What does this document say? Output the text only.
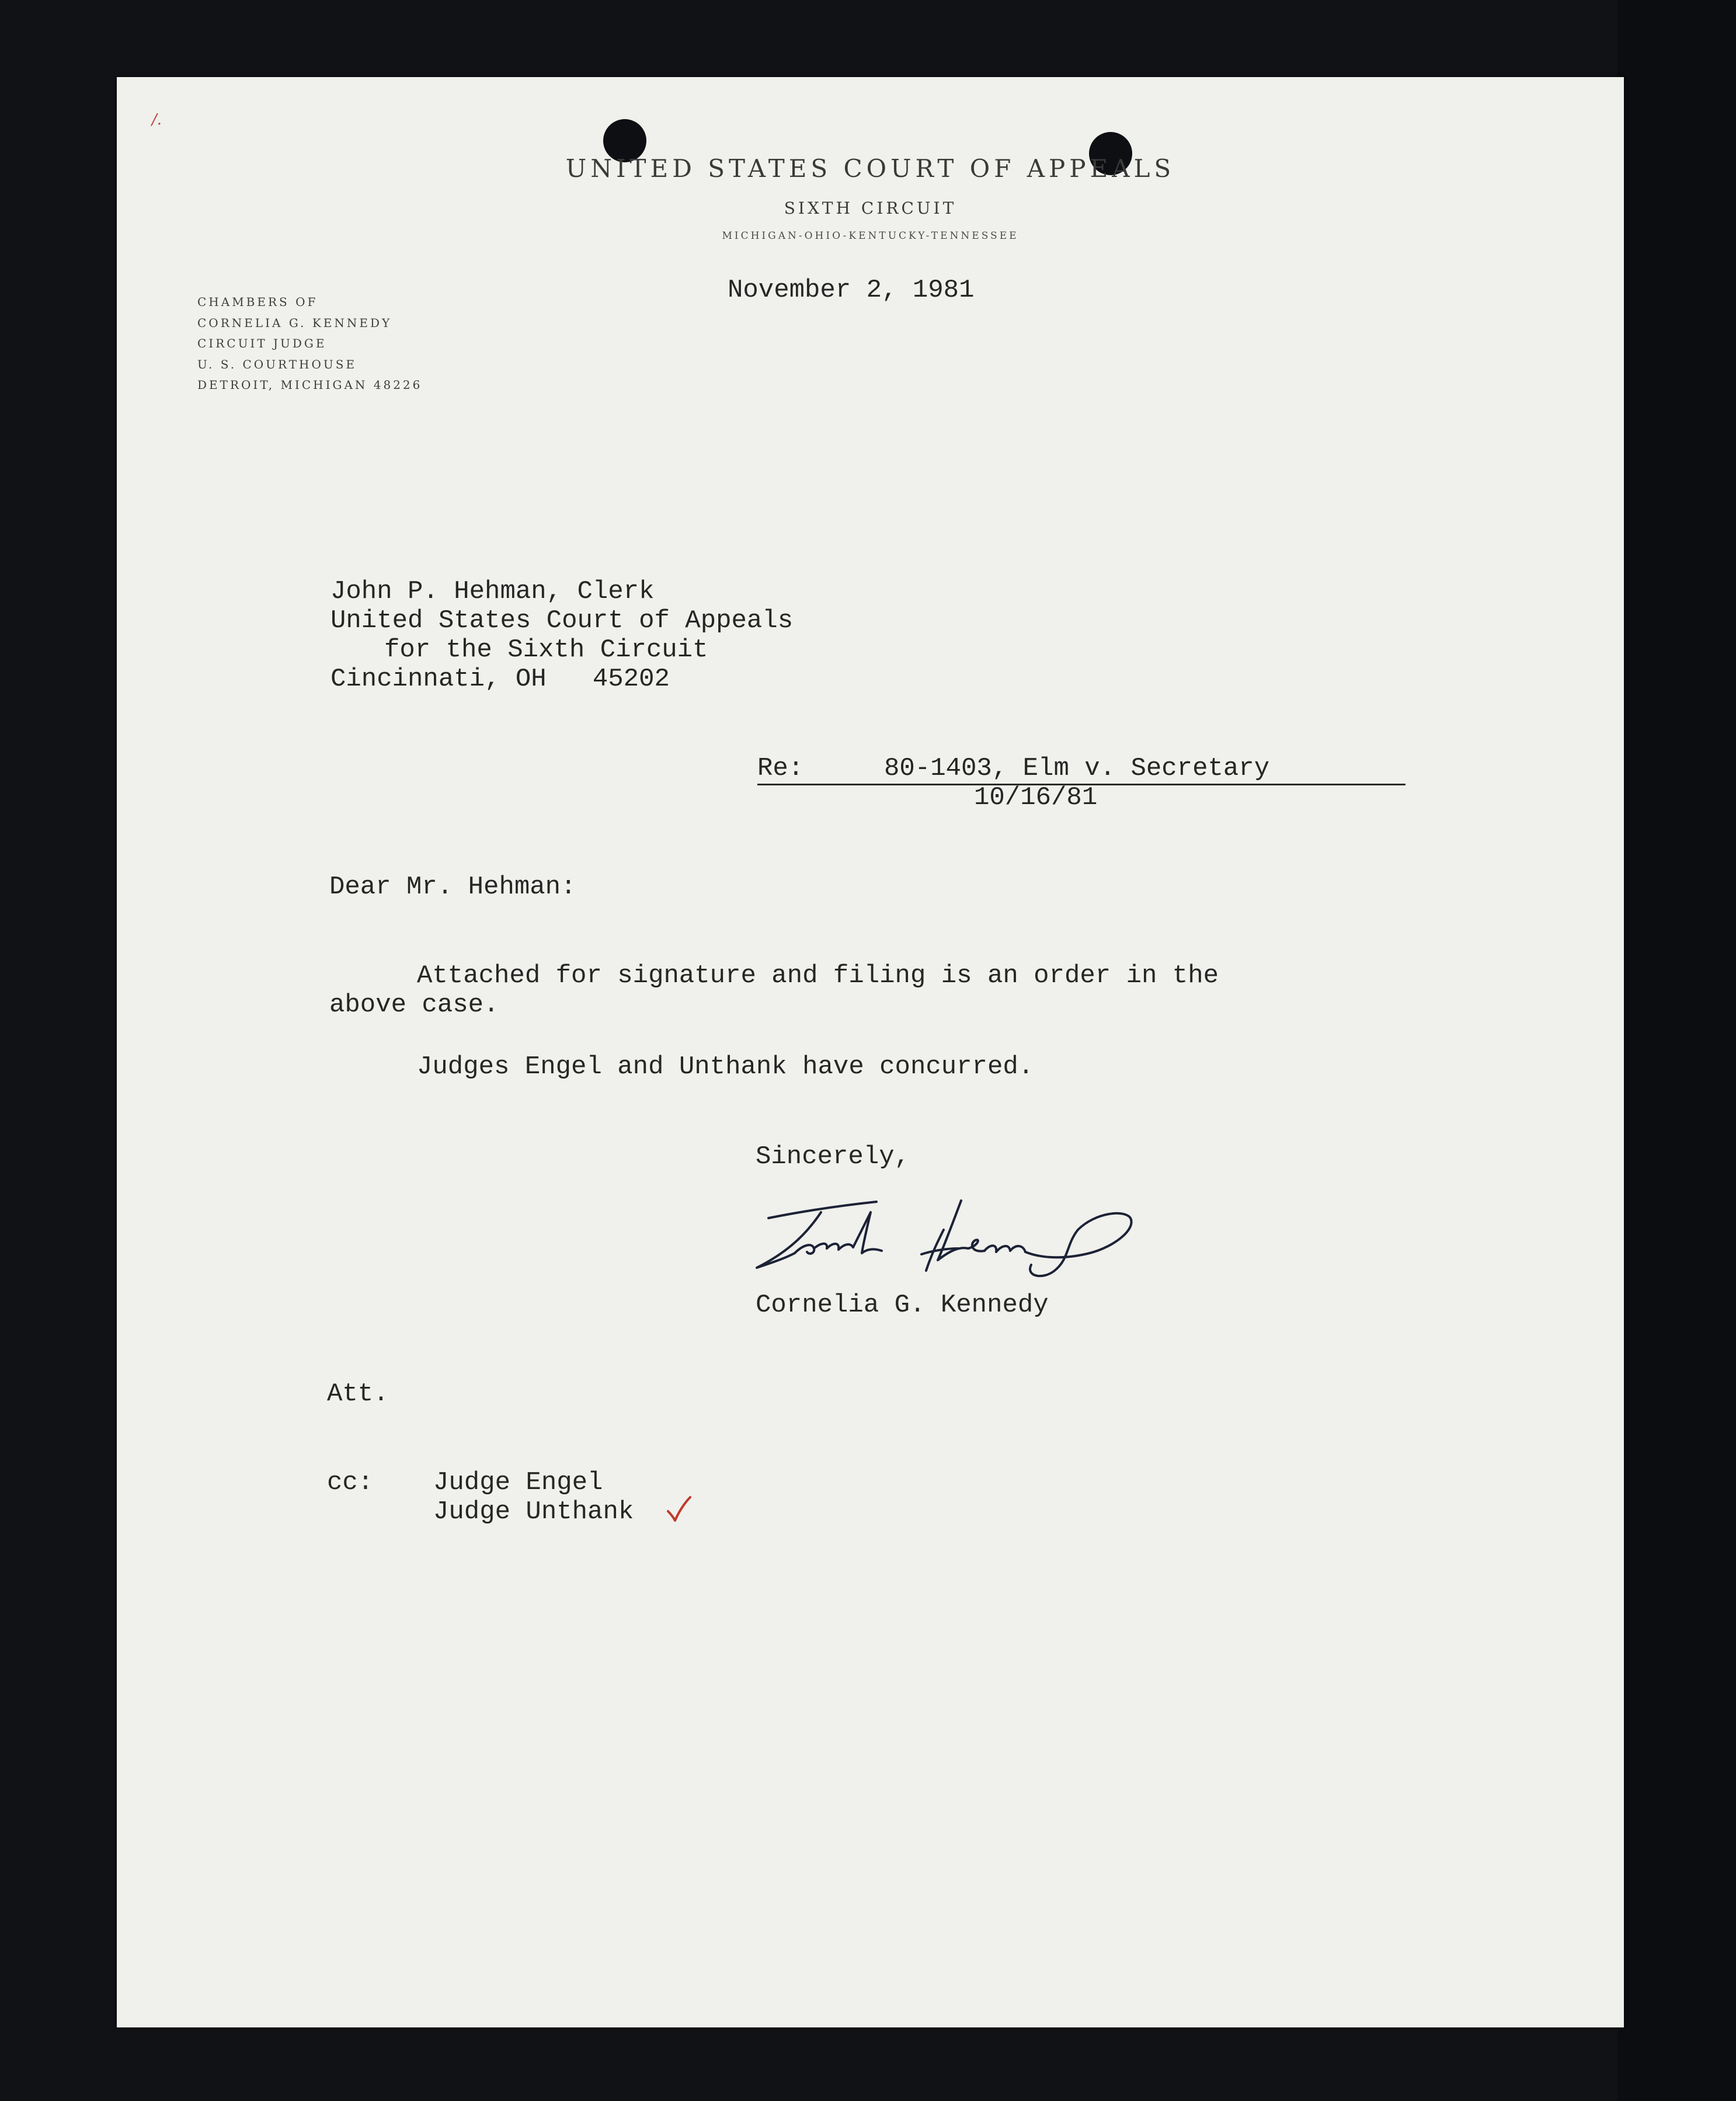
/.
UNITED STATES COURT OF APPEALS
SIXTH CIRCUIT
MICHIGAN-OHIO-KENTUCKY-TENNESSEE
CHAMBERS OF
CORNELIA G. KENNEDY
CIRCUIT JUDGE
U. S. COURTHOUSE
DETROIT, MICHIGAN 48226
November 2, 1981
John P. Hehman, Clerk
United States Court of Appeals
for the Sixth Circuit
Cincinnati, OH   45202
Re:	80-1403, Elm v. Secretary
10/16/81
Dear Mr. Hehman:
Attached for signature and filing is an order in the
above case.
Judges Engel and Unthank have concurred.
Sincerely,
Cornelia G. Kennedy
Att.
cc: Judge Engel
Judge Unthank
